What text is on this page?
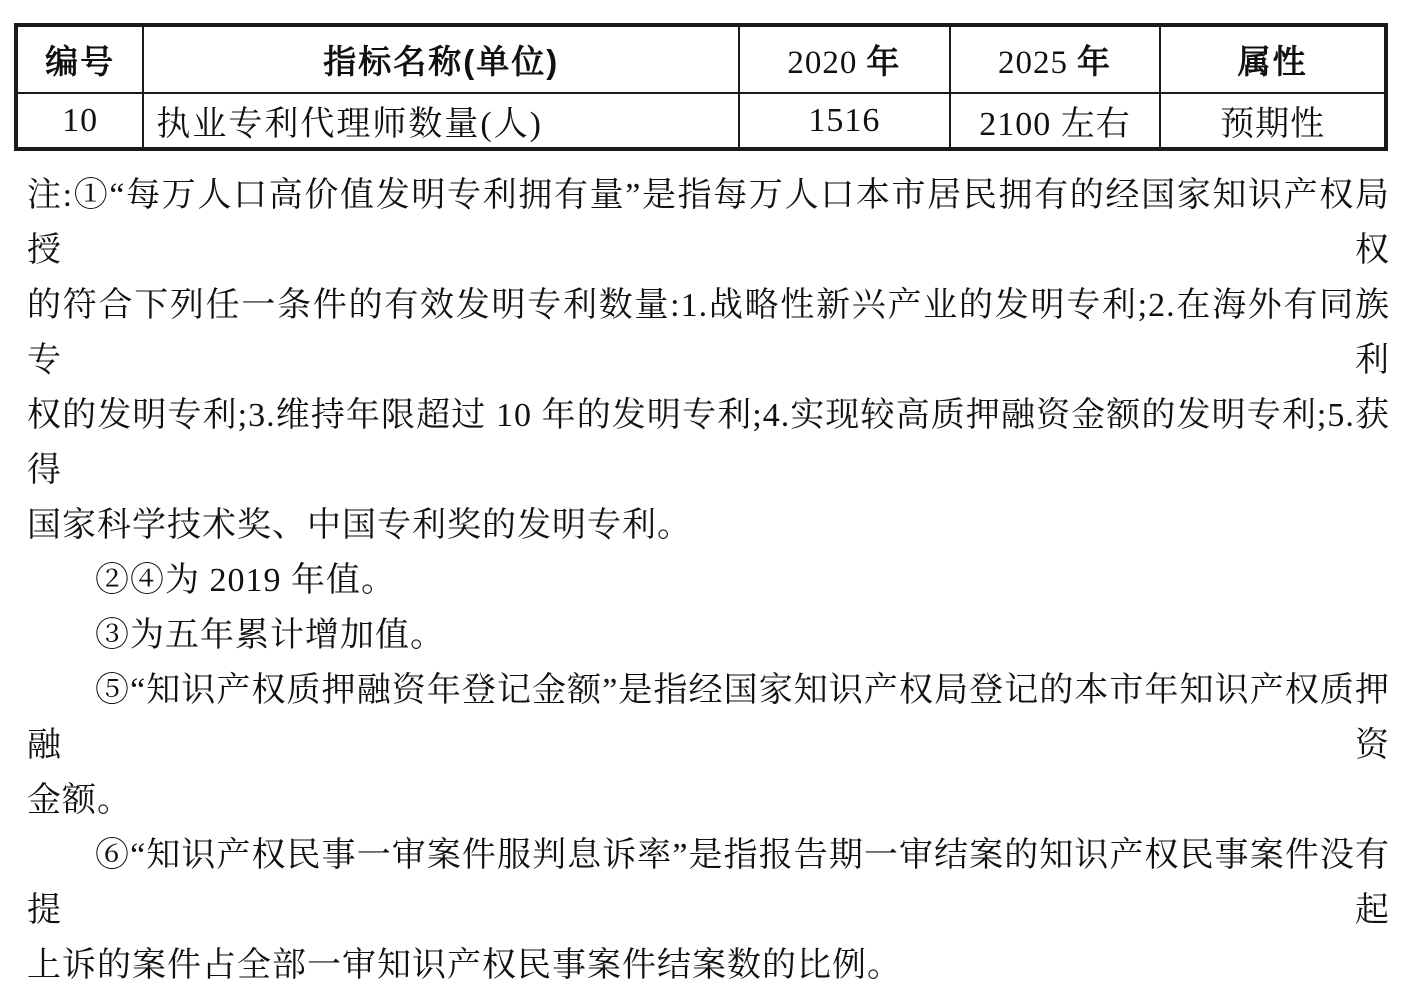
编号	指标名称(单位)	2020 年	2025 年	属性
10	执业专利代理师数量(人)	1516	2100 左右	预期性
注:①“每万人口高价值发明专利拥有量”是指每万人口本市居民拥有的经国家知识产权局授权
的符合下列任一条件的有效发明专利数量:1.战略性新兴产业的发明专利;2.在海外有同族专利
权的发明专利;3.维持年限超过 10 年的发明专利;4.实现较高质押融资金额的发明专利;5.获得
国家科学技术奖、中国专利奖的发明专利。
②④为 2019 年值。
③为五年累计增加值。
⑤“知识产权质押融资年登记金额”是指经国家知识产权局登记的本市年知识产权质押融资
金额。
⑥“知识产权民事一审案件服判息诉率”是指报告期一审结案的知识产权民事案件没有提起
上诉的案件占全部一审知识产权民事案件结案数的比例。
